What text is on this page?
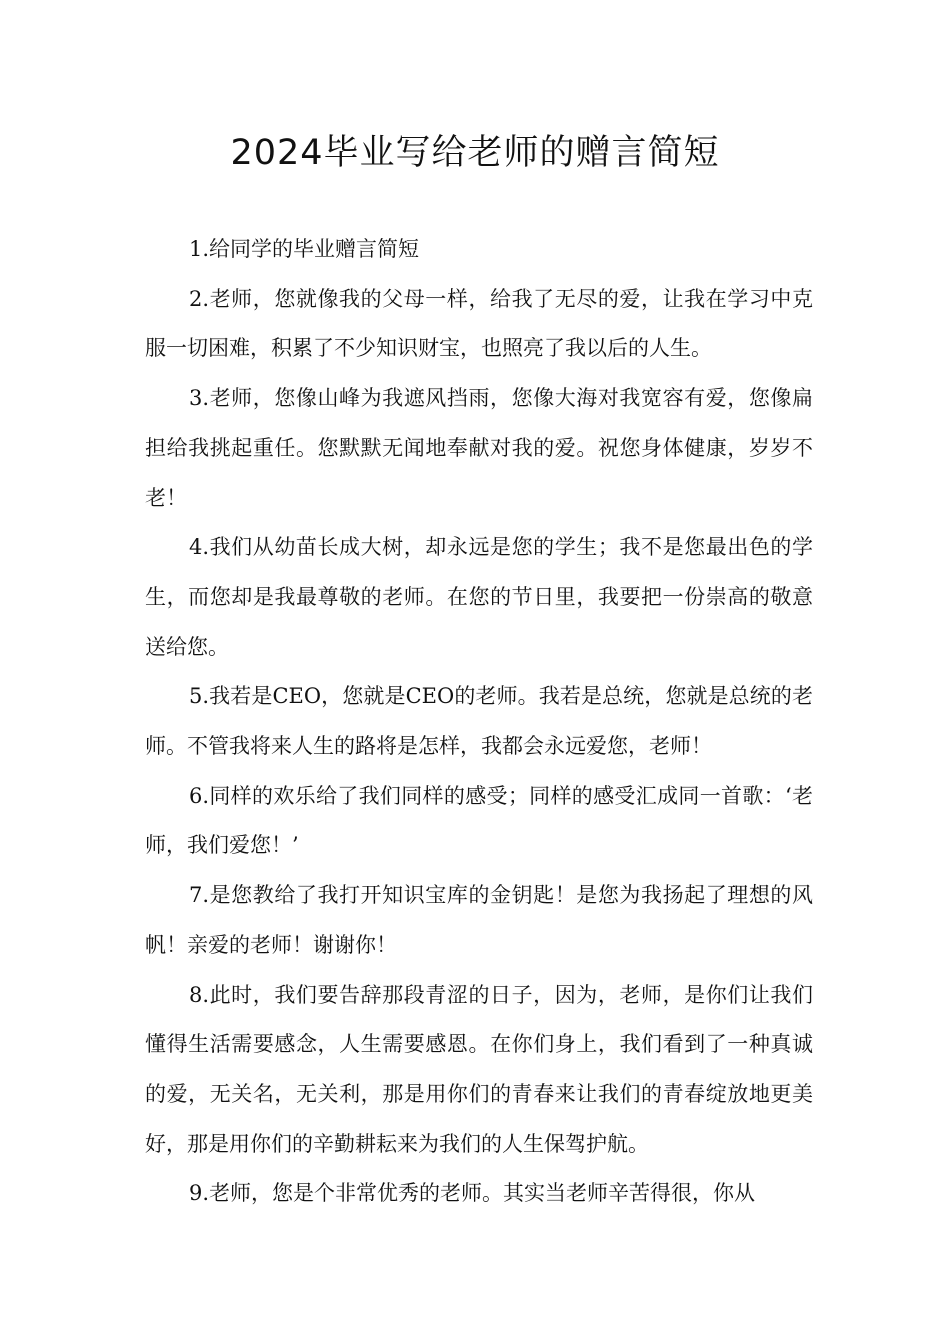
2024毕业写给老师的赠言简短

1.给同学的毕业赠言简短

2.老师，您就像我的父母一样，给我了无尽的爱，让我在学习中克服一切困难，积累了不少知识财宝，也照亮了我以后的人生。

3.老师，您像山峰为我遮风挡雨，您像大海对我宽容有爱，您像扁担给我挑起重任。您默默无闻地奉献对我的爱。祝您身体健康，岁岁不老！

4.我们从幼苗长成大树，却永远是您的学生；我不是您最出色的学生，而您却是我最尊敬的老师。在您的节日里，我要把一份崇高的敬意送给您。

5.我若是CEO，您就是CEO的老师。我若是总统，您就是总统的老师。不管我将来人生的路将是怎样，我都会永远爱您，老师！

6.同样的欢乐给了我们同样的感受；同样的感受汇成同一首歌：‘老师，我们爱您！’

7.是您教给了我打开知识宝库的金钥匙！是您为我扬起了理想的风帆！亲爱的老师！谢谢你！

8.此时，我们要告辞那段青涩的日子，因为，老师，是你们让我们懂得生活需要感念，人生需要感恩。在你们身上，我们看到了一种真诚的爱，无关名，无关利，那是用你们的青春来让我们的青春绽放地更美好，那是用你们的辛勤耕耘来为我们的人生保驾护航。

9.老师，您是个非常优秀的老师。其实当老师辛苦得很，你从
